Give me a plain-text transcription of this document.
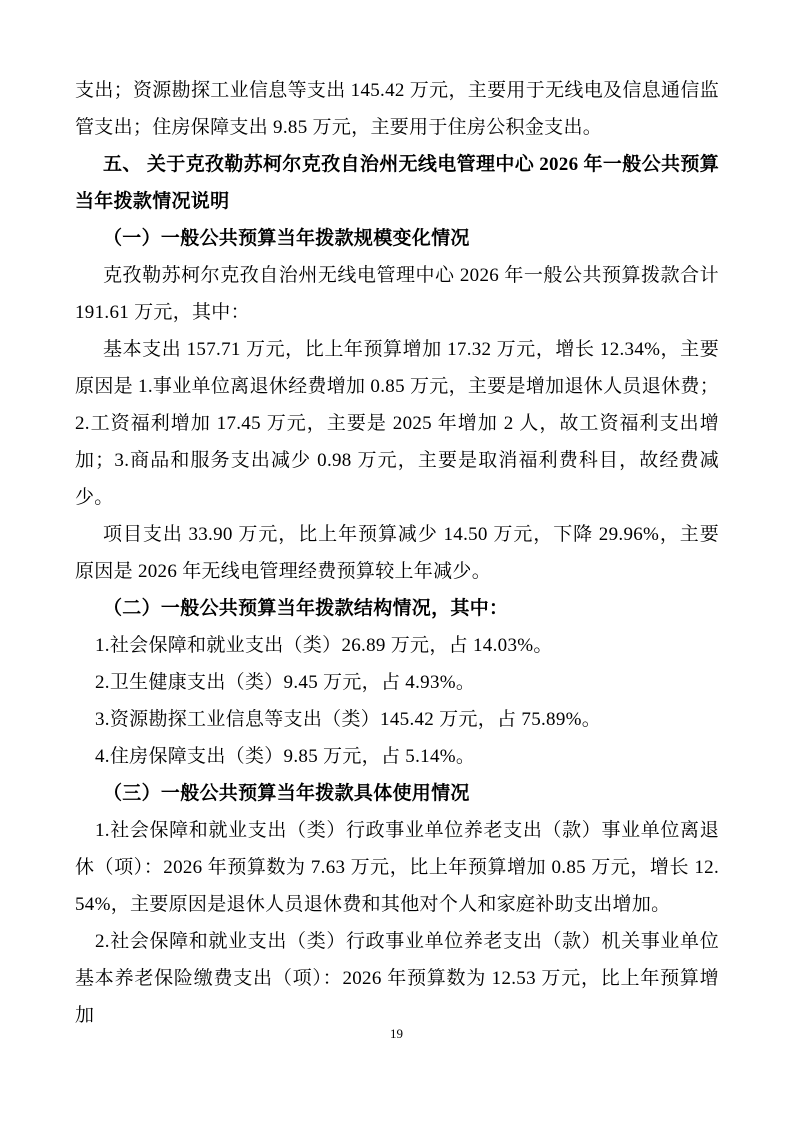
支出；资源勘探工业信息等支出 145.42 万元，主要用于无线电及信息通信监管支出；住房保障支出 9.85 万元，主要用于住房公积金支出。

五、 关于克孜勒苏柯尔克孜自治州无线电管理中心 2026 年一般公共预算当年拨款情况说明

（一）一般公共预算当年拨款规模变化情况

克孜勒苏柯尔克孜自治州无线电管理中心 2026 年一般公共预算拨款合计 191.61 万元，其中：

基本支出 157.71 万元，比上年预算增加 17.32 万元，增长 12.34%，主要原因是 1.事业单位离退休经费增加 0.85 万元，主要是增加退休人员退休费；2.工资福利增加 17.45 万元，主要是 2025 年增加 2 人，故工资福利支出增加；3.商品和服务支出减少 0.98 万元，主要是取消福利费科目，故经费减少。

项目支出 33.90 万元，比上年预算减少 14.50 万元，下降 29.96%，主要原因是 2026 年无线电管理经费预算较上年减少。

（二）一般公共预算当年拨款结构情况，其中：

1.社会保障和就业支出（类）26.89 万元，占 14.03%。

2.卫生健康支出（类）9.45 万元，占 4.93%。

3.资源勘探工业信息等支出（类）145.42 万元，占 75.89%。

4.住房保障支出（类）9.85 万元，占 5.14%。

（三）一般公共预算当年拨款具体使用情况

1.社会保障和就业支出（类）行政事业单位养老支出（款）事业单位离退休（项）：2026 年预算数为 7.63 万元，比上年预算增加 0.85 万元，增长 12.54%，主要原因是退休人员退休费和其他对个人和家庭补助支出增加。

2.社会保障和就业支出（类）行政事业单位养老支出（款）机关事业单位基本养老保险缴费支出（项）：2026 年预算数为 12.53 万元，比上年预算增加

19
